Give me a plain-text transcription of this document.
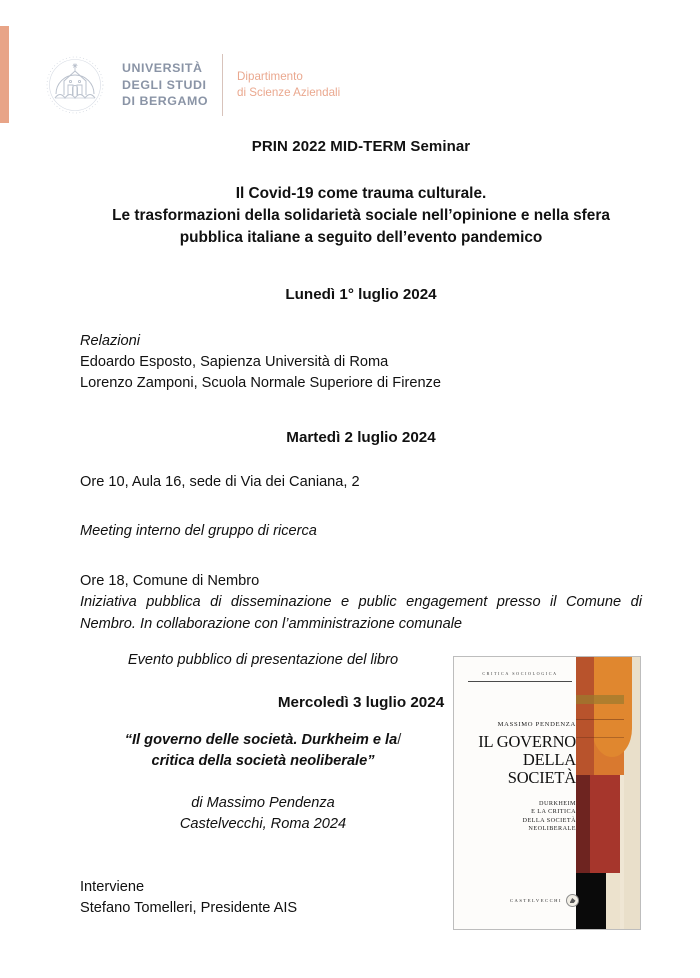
UNIVERSITÀ
DEGLI STUDI
DI BERGAMO
Dipartimento
di Scienze Aziendali
PRIN 2022 MID-TERM Seminar
Il Covid-19 come trauma culturale.
Le trasformazioni della solidarietà sociale nell’opinione e nella sfera
pubblica italiane a seguito dell’evento pandemico
Lunedì 1° luglio 2024
Relazioni
Edoardo Esposto, Sapienza Università di Roma
Lorenzo Zamponi, Scuola Normale Superiore di Firenze
Martedì 2 luglio 2024
Ore 10, Aula 16, sede di Via dei Caniana, 2
Meeting interno del gruppo di ricerca
Ore 18, Comune di Nembro
Iniziativa pubblica di disseminazione e public engagement presso il Comune di Nembro. In collaborazione con l’amministrazione comunale
Mercoledì 3 luglio 2024
Evento pubblico di presentazione del libro
“Il governo delle società. Durkheim e la/
critica della società neoliberale”
di Massimo Pendenza
Castelvecchi, Roma 2024
Interviene
Stefano Tomelleri, Presidente AIS
CRITICA SOCIOLOGICA
MASSIMO PENDENZA
IL GOVERNO
DELLA
SOCIETÀ
DURKHEIM
E LA CRITICA
DELLA SOCIETÀ
NEOLIBERALE
CASTELVECCHI
